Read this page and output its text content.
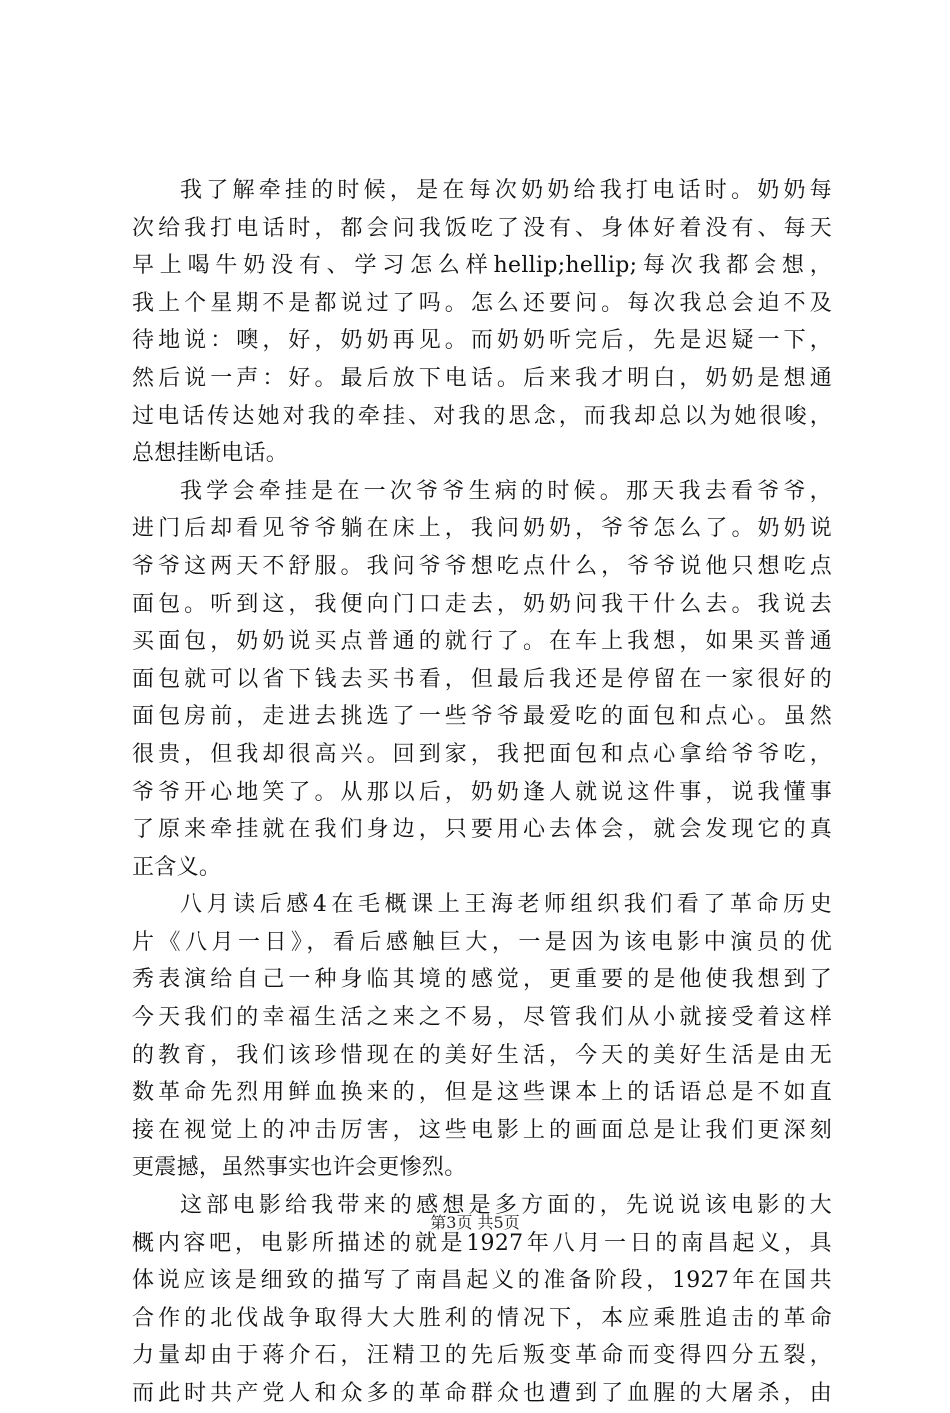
我了解牵挂的时候，是在每次奶奶给我打电话时。奶奶每
次给我打电话时，都会问我饭吃了没有、身体好着没有、每天
早上喝牛奶没有、学习怎么样hellip;hellip;每次我都会想，
我上个星期不是都说过了吗。怎么还要问。每次我总会迫不及
待地说：噢，好，奶奶再见。而奶奶听完后，先是迟疑一下，
然后说一声：好。最后放下电话。后来我才明白，奶奶是想通
过电话传达她对我的牵挂、对我的思念，而我却总以为她很唆，
总想挂断电话。
我学会牵挂是在一次爷爷生病的时候。那天我去看爷爷，
进门后却看见爷爷躺在床上，我问奶奶，爷爷怎么了。奶奶说
爷爷这两天不舒服。我问爷爷想吃点什么，爷爷说他只想吃点
面包。听到这，我便向门口走去，奶奶问我干什么去。我说去
买面包，奶奶说买点普通的就行了。在车上我想，如果买普通
面包就可以省下钱去买书看，但最后我还是停留在一家很好的
面包房前，走进去挑选了一些爷爷最爱吃的面包和点心。虽然
很贵，但我却很高兴。回到家，我把面包和点心拿给爷爷吃，
爷爷开心地笑了。从那以后，奶奶逢人就说这件事，说我懂事
了原来牵挂就在我们身边，只要用心去体会，就会发现它的真
正含义。
八月读后感4在毛概课上王海老师组织我们看了革命历史
片《八月一日》，看后感触巨大，一是因为该电影中演员的优
秀表演给自己一种身临其境的感觉，更重要的是他使我想到了
今天我们的幸福生活之来之不易，尽管我们从小就接受着这样
的教育，我们该珍惜现在的美好生活，今天的美好生活是由无
数革命先烈用鲜血换来的，但是这些课本上的话语总是不如直
接在视觉上的冲击厉害，这些电影上的画面总是让我们更深刻
更震撼，虽然事实也许会更惨烈。
这部电影给我带来的感想是多方面的，先说说该电影的大
概内容吧，电影所描述的就是1927年八月一日的南昌起义，具
体说应该是细致的描写了南昌起义的准备阶段，1927年在国共
合作的北伐战争取得大大胜利的情况下，本应乘胜追击的革命
力量却由于蒋介石，汪精卫的先后叛变革命而变得四分五裂，
而此时共产党人和众多的革命群众也遭到了血腥的大屠杀，由
第3页 共5页
